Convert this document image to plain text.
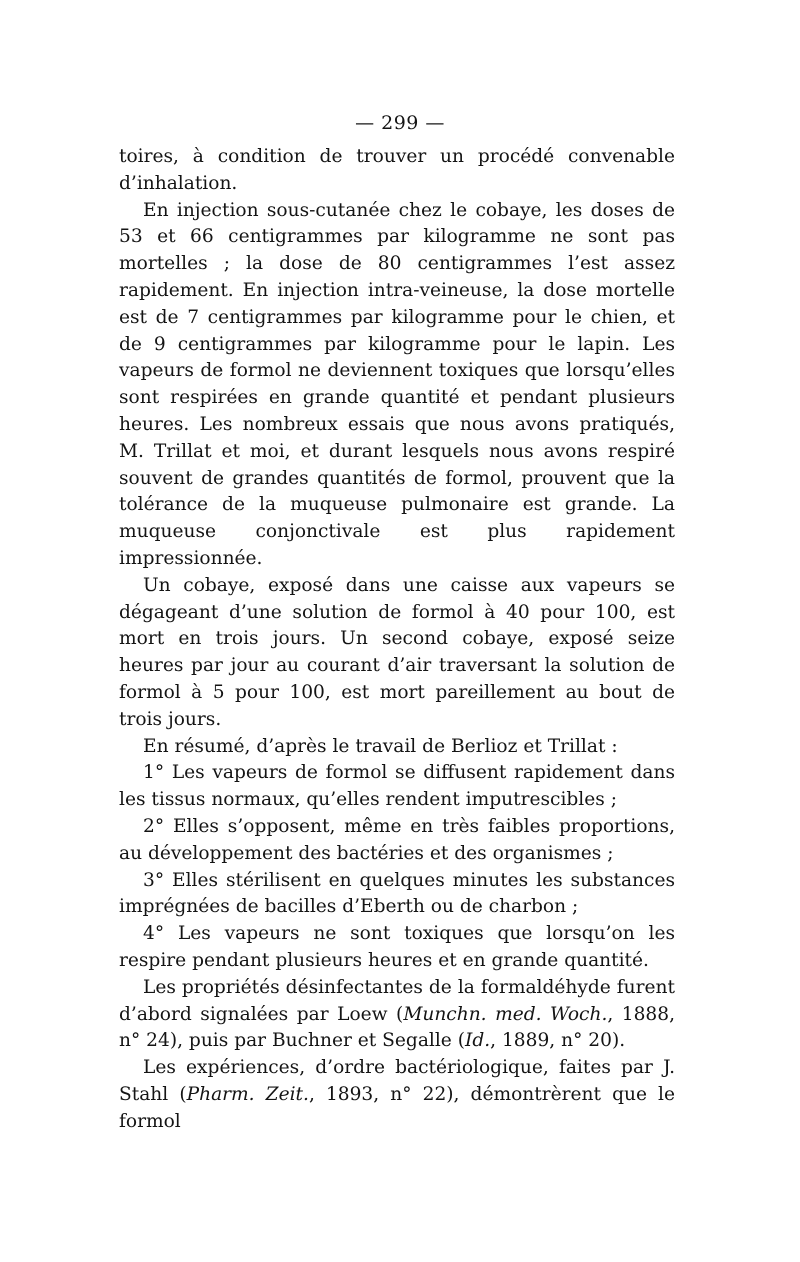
— 299 —

toires, à condition de trouver un procédé convenable d’inhalation.

En injection sous-cutanée chez le cobaye, les doses de 53 et 66 centigrammes par kilogramme ne sont pas mortelles ; la dose de 80 centigrammes l’est assez rapidement. En injection intra-veineuse, la dose mortelle est de 7 centigrammes par kilogramme pour le chien, et de 9 centigrammes par kilogramme pour le lapin. Les vapeurs de formol ne deviennent toxiques que lorsqu’elles sont respirées en grande quantité et pendant plusieurs heures. Les nombreux essais que nous avons pratiqués, M. Trillat et moi, et durant lesquels nous avons respiré souvent de grandes quantités de formol, prouvent que la tolérance de la muqueuse pulmonaire est grande. La muqueuse conjonctivale est plus rapidement impressionnée.

Un cobaye, exposé dans une caisse aux vapeurs se dégageant d’une solution de formol à 40 pour 100, est mort en trois jours. Un second cobaye, exposé seize heures par jour au courant d’air traversant la solution de formol à 5 pour 100, est mort pareillement au bout de trois jours.

En résumé, d’après le travail de Berlioz et Trillat :

1° Les vapeurs de formol se diffusent rapidement dans les tissus normaux, qu’elles rendent imputrescibles ;

2° Elles s’opposent, même en très faibles proportions, au développement des bactéries et des organismes ;

3° Elles stérilisent en quelques minutes les substances imprégnées de bacilles d’Eberth ou de charbon ;

4° Les vapeurs ne sont toxiques que lorsqu’on les respire pendant plusieurs heures et en grande quantité.

Les propriétés désinfectantes de la formaldéhyde furent d’abord signalées par Loew (Munchn. med. Woch., 1888, n° 24), puis par Buchner et Segalle (Id., 1889, n° 20).

Les expériences, d’ordre bactériologique, faites par J. Stahl (Pharm. Zeit., 1893, n° 22), démontrèrent que le formol
